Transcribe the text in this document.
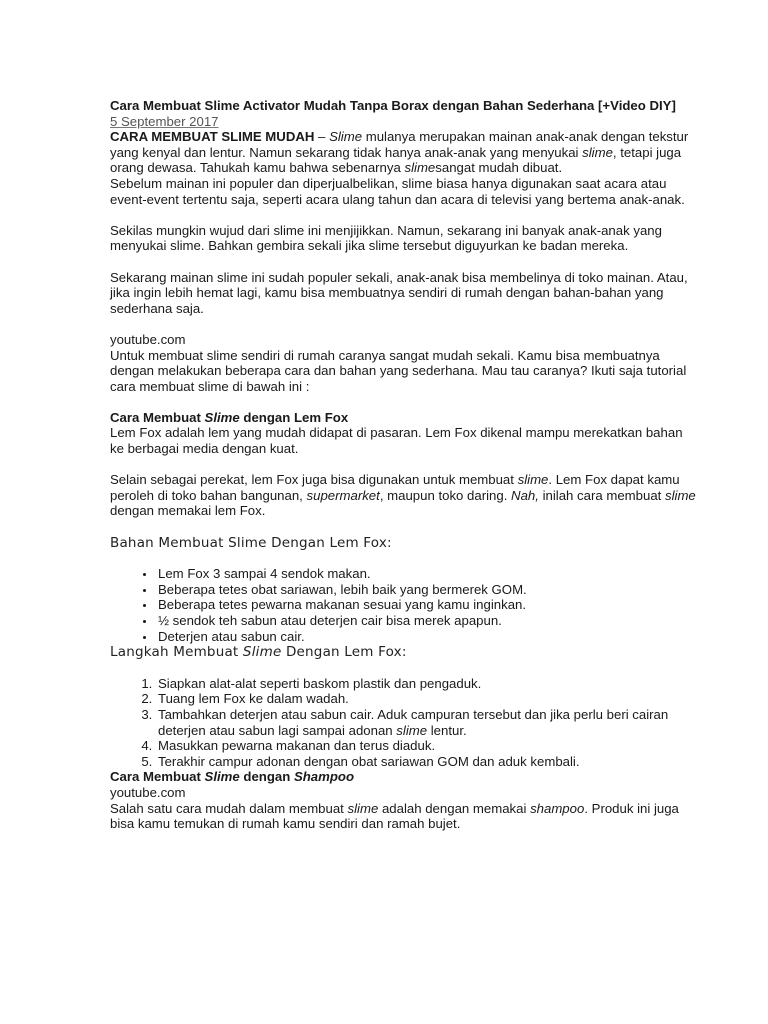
Cara Membuat Slime Activator Mudah Tanpa Borax dengan Bahan Sederhana [+Video DIY]

5 September 2017

CARA MEMBUAT SLIME MUDAH – Slime mulanya merupakan mainan anak-anak dengan tekstur yang kenyal dan lentur. Namun sekarang tidak hanya anak-anak yang menyukai slime, tetapi juga orang dewasa. Tahukah kamu bahwa sebenarnya slimesangat mudah dibuat.

Sebelum mainan ini populer dan diperjualbelikan, slime biasa hanya digunakan saat acara atau event-event tertentu saja, seperti acara ulang tahun dan acara di televisi yang bertema anak-anak.

Sekilas mungkin wujud dari slime ini menjijikkan. Namun, sekarang ini banyak anak-anak yang menyukai slime. Bahkan gembira sekali jika slime tersebut diguyurkan ke badan mereka.

Sekarang mainan slime ini sudah populer sekali, anak-anak bisa membelinya di toko mainan. Atau, jika ingin lebih hemat lagi, kamu bisa membuatnya sendiri di rumah dengan bahan-bahan yang sederhana saja.

youtube.com

Untuk membuat slime sendiri di rumah caranya sangat mudah sekali. Kamu bisa membuatnya dengan melakukan beberapa cara dan bahan yang sederhana. Mau tau caranya? Ikuti saja tutorial cara membuat slime di bawah ini :

Cara Membuat Slime dengan Lem Fox

Lem Fox adalah lem yang mudah didapat di pasaran. Lem Fox dikenal mampu merekatkan bahan ke berbagai media dengan kuat.

Selain sebagai perekat, lem Fox juga bisa digunakan untuk membuat slime. Lem Fox dapat kamu peroleh di toko bahan bangunan, supermarket, maupun toko daring. Nah, inilah cara membuat slime dengan memakai lem Fox.

Bahan Membuat Slime Dengan Lem Fox:

• Lem Fox 3 sampai 4 sendok makan.
• Beberapa tetes obat sariawan, lebih baik yang bermerek GOM.
• Beberapa tetes pewarna makanan sesuai yang kamu inginkan.
• ½ sendok teh sabun atau deterjen cair bisa merek apapun.
• Deterjen atau sabun cair.

Langkah Membuat Slime Dengan Lem Fox:

1. Siapkan alat-alat seperti baskom plastik dan pengaduk.
2. Tuang lem Fox ke dalam wadah.
3. Tambahkan deterjen atau sabun cair. Aduk campuran tersebut dan jika perlu beri cairan deterjen atau sabun lagi sampai adonan slime lentur.
4. Masukkan pewarna makanan dan terus diaduk.
5. Terakhir campur adonan dengan obat sariawan GOM dan aduk kembali.
Cara Membuat Slime dengan Shampoo

youtube.com

Salah satu cara mudah dalam membuat slime adalah dengan memakai shampoo. Produk ini juga bisa kamu temukan di rumah kamu sendiri dan ramah bujet.
